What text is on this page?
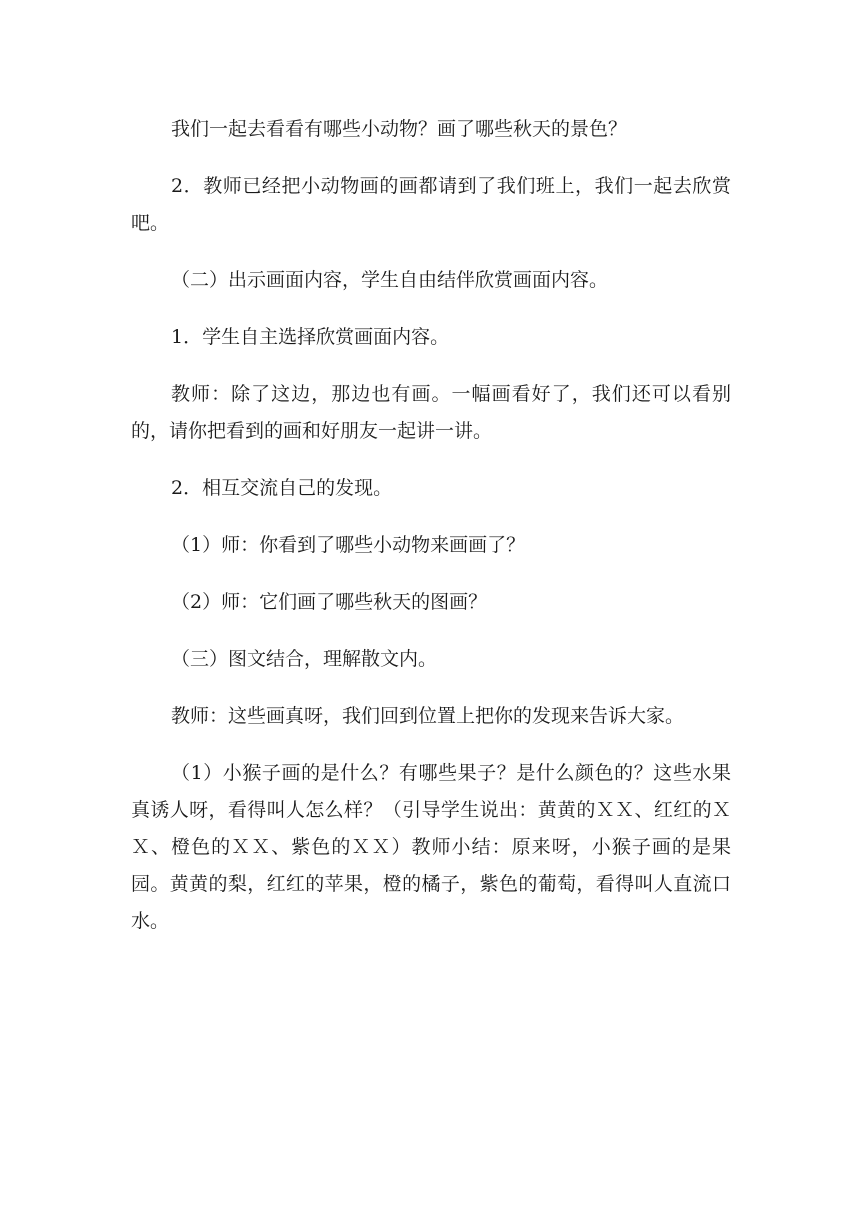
我们一起去看看有哪些小动物？画了哪些秋天的景色？

2．教师已经把小动物画的画都请到了我们班上，我们一起去欣赏吧。

（二）出示画面内容，学生自由结伴欣赏画面内容。

1．学生自主选择欣赏画面内容。

教师：除了这边，那边也有画。一幅画看好了，我们还可以看别的，请你把看到的画和好朋友一起讲一讲。

2．相互交流自己的发现。

（1）师：你看到了哪些小动物来画画了？

（2）师：它们画了哪些秋天的图画？

（三）图文结合，理解散文内。

教师：这些画真呀，我们回到位置上把你的发现来告诉大家。

（1）小猴子画的是什么？有哪些果子？是什么颜色的？这些水果真诱人呀，看得叫人怎么样？（引导学生说出：黄黄的ＸＸ、红红的ＸＸ、橙色的ＸＸ、紫色的ＸＸ）教师小结：原来呀，小猴子画的是果园。黄黄的梨，红红的苹果，橙的橘子，紫色的葡萄，看得叫人直流口水。
